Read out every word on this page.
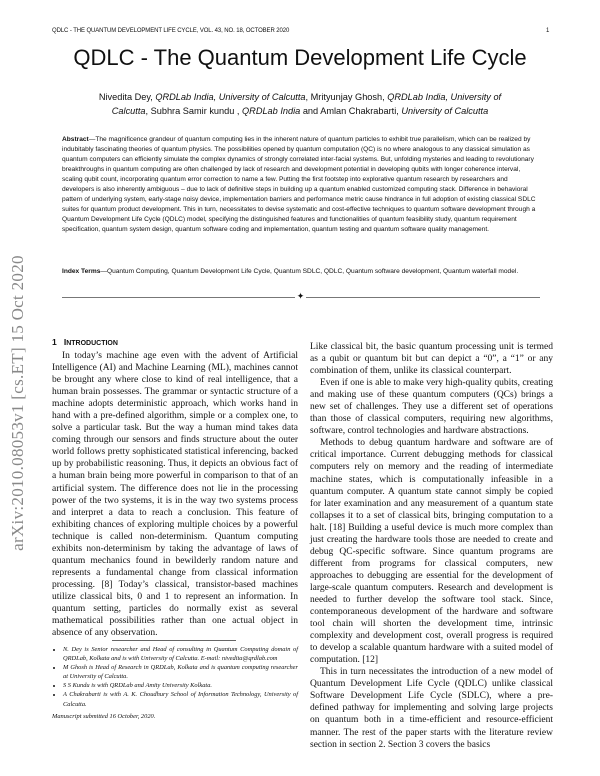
QDLC - THE QUANTUM DEVELOPMENT LIFE CYCLE, VOL. 43, NO. 18, OCTOBER 2020	1
QDLC - The Quantum Development Life Cycle
Nivedita Dey, QRDLab India, University of Calcutta, Mrityunjay Ghosh, QRDLab India, University of Calcutta, Subhra Samir kundu , QRDLab India and Amlan Chakrabarti, University of Calcutta
Abstract—The magnificence grandeur of quantum computing lies in the inherent nature of quantum particles to exhibit true parallelism, which can be realized by indubitably fascinating theories of quantum physics. The possibilities opened by quantum computation (QC) is no where analogous to any classical simulation as quantum computers can efficiently simulate the complex dynamics of strongly correlated inter-facial systems. But, unfolding mysteries and leading to revolutionary breakthroughs in quantum computing are often challenged by lack of research and development potential in developing qubits with longer coherence interval, scaling qubit count, incorporating quantum error correction to name a few. Putting the first footstep into explorative quantum research by researchers and developers is also inherently ambiguous – due to lack of definitive steps in building up a quantum enabled customized computing stack. Difference in behavioral pattern of underlying system, early-stage noisy device, implementation barriers and performance metric cause hindrance in full adoption of existing classical SDLC suites for quantum product development. This in turn, necessitates to devise systematic and cost-effective techniques to quantum software development through a Quantum Development Life Cycle (QDLC) model, specifying the distinguished features and functionalities of quantum feasibility study, quantum requirement specification, quantum system design, quantum software coding and implementation, quantum testing and quantum software quality management.
Index Terms—Quantum Computing, Quantum Development Life Cycle, Quantum SDLC, QDLC, Quantum software development, Quantum waterfall model.
✦
arXiv:2010.08053v1 [cs.ET] 15 Oct 2020	1 INTRODUCTION

In today’s machine age even with the advent of Artificial Intelligence (AI) and Machine Learning (ML), machines cannot be brought any where close to kind of real intelligence, that a human brain possesses. The grammar or syntactic structure of a machine adopts deterministic approach, which works hand in hand with a pre-defined algorithm, simple or a complex one, to solve a particular task. But the way a human mind takes data coming through our sensors and finds structure about the outer world follows pretty sophisticated statistical inferencing, backed up by probabilistic reasoning. Thus, it depicts an obvious fact of a human brain being more powerful in comparison to that of an artificial system. The difference does not lie in the processing power of the two systems, it is in the way two systems process and interpret a data to reach a conclusion. This feature of exhibiting chances of exploring multiple choices by a powerful technique is called non-determinism. Quantum computing exhibits non-determinism by taking the advantage of laws of quantum mechanics found in bewilderly random nature and represents a fundamental change from classical information processing. [8] Today’s classical, transistor-based machines utilize classical bits, 0 and 1 to represent an information. In quantum setting, particles do normally exist as several mathematical possibilities rather than one actual object in absence of any observation.

• N. Dey is Senior researcher and Head of consulting in Quantum Computing domain of QRDLab, Kolkata and is with University of Calcutta. E-mail: nivedita@qrdlab.com
• M Ghosh is Head of Research in QRDLab, Kolkata and is quantum computing researcher at University of Calcutta.
• S S Kundu is with QRDLab and Amity University Kolkata.
• A Chakrabarti is with A. K. Choudhury School of Information Technology, University of Calcutta.
Manuscript submitted 16 October, 2020.

Like classical bit, the basic quantum processing unit is termed as a qubit or quantum bit but can depict a “0”, a “1” or any combination of them, unlike its classical counterpart.

Even if one is able to make very high-quality qubits, creating and making use of these quantum computers (QCs) brings a new set of challenges. They use a different set of operations than those of classical computers, requiring new algorithms, software, control technologies and hardware abstractions.

Methods to debug quantum hardware and software are of critical importance. Current debugging methods for classical computers rely on memory and the reading of intermediate machine states, which is computationally infeasible in a quantum computer. A quantum state cannot simply be copied for later examination and any measurement of a quantum state collapses it to a set of classical bits, bringing computation to a halt. [18] Building a useful device is much more complex than just creating the hardware tools those are needed to create and debug QC-specific software. Since quantum programs are different from programs for classical computers, new approaches to debugging are essential for the development of large-scale quantum computers. Research and development is needed to further develop the software tool stack. Since, contemporaneous development of the hardware and software tool chain will shorten the development time, intrinsic complexity and development cost, overall progress is required to develop a scalable quantum hardware with a suited model of computation. [12]

This in turn necessitates the introduction of a new model of Quantum Development Life Cycle (QDLC) unlike classical Software Development Life Cycle (SDLC), where a pre-defined pathway for implementing and solving large projects on quantum both in a time-efficient and resource-efficient manner. The rest of the paper starts with the literature review section in section 2. Section 3 covers the basics
